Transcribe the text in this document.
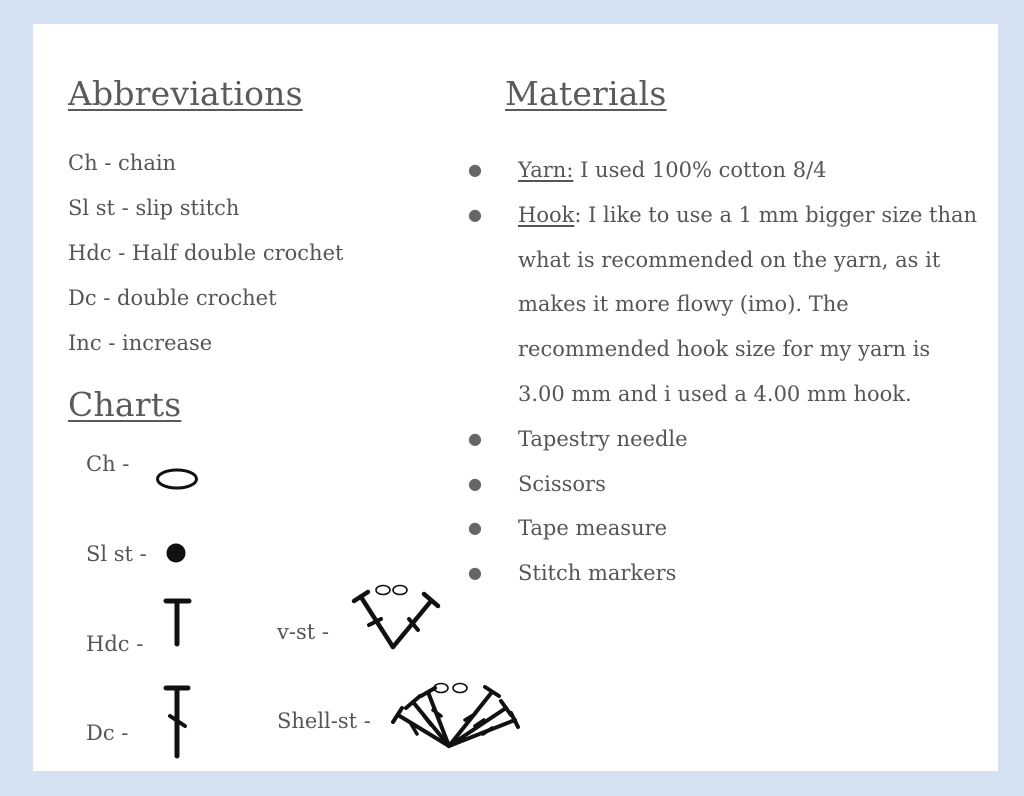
Abbreviations
Ch - chain
Sl st - slip stitch
Hdc - Half double crochet
Dc - double crochet
Inc - increase
Charts
Ch -
Sl st -
Hdc -
Dc -
v-st -
Shell-st -
Materials
● Yarn: I used 100% cotton 8/4
● Hook: I like to use a 1 mm bigger size than what is recommended on the yarn, as it makes it more flowy (imo). The recommended hook size for my yarn is 3.00 mm and i used a 4.00 mm hook.
● Tapestry needle
● Scissors
● Tape measure
● Stitch markers
